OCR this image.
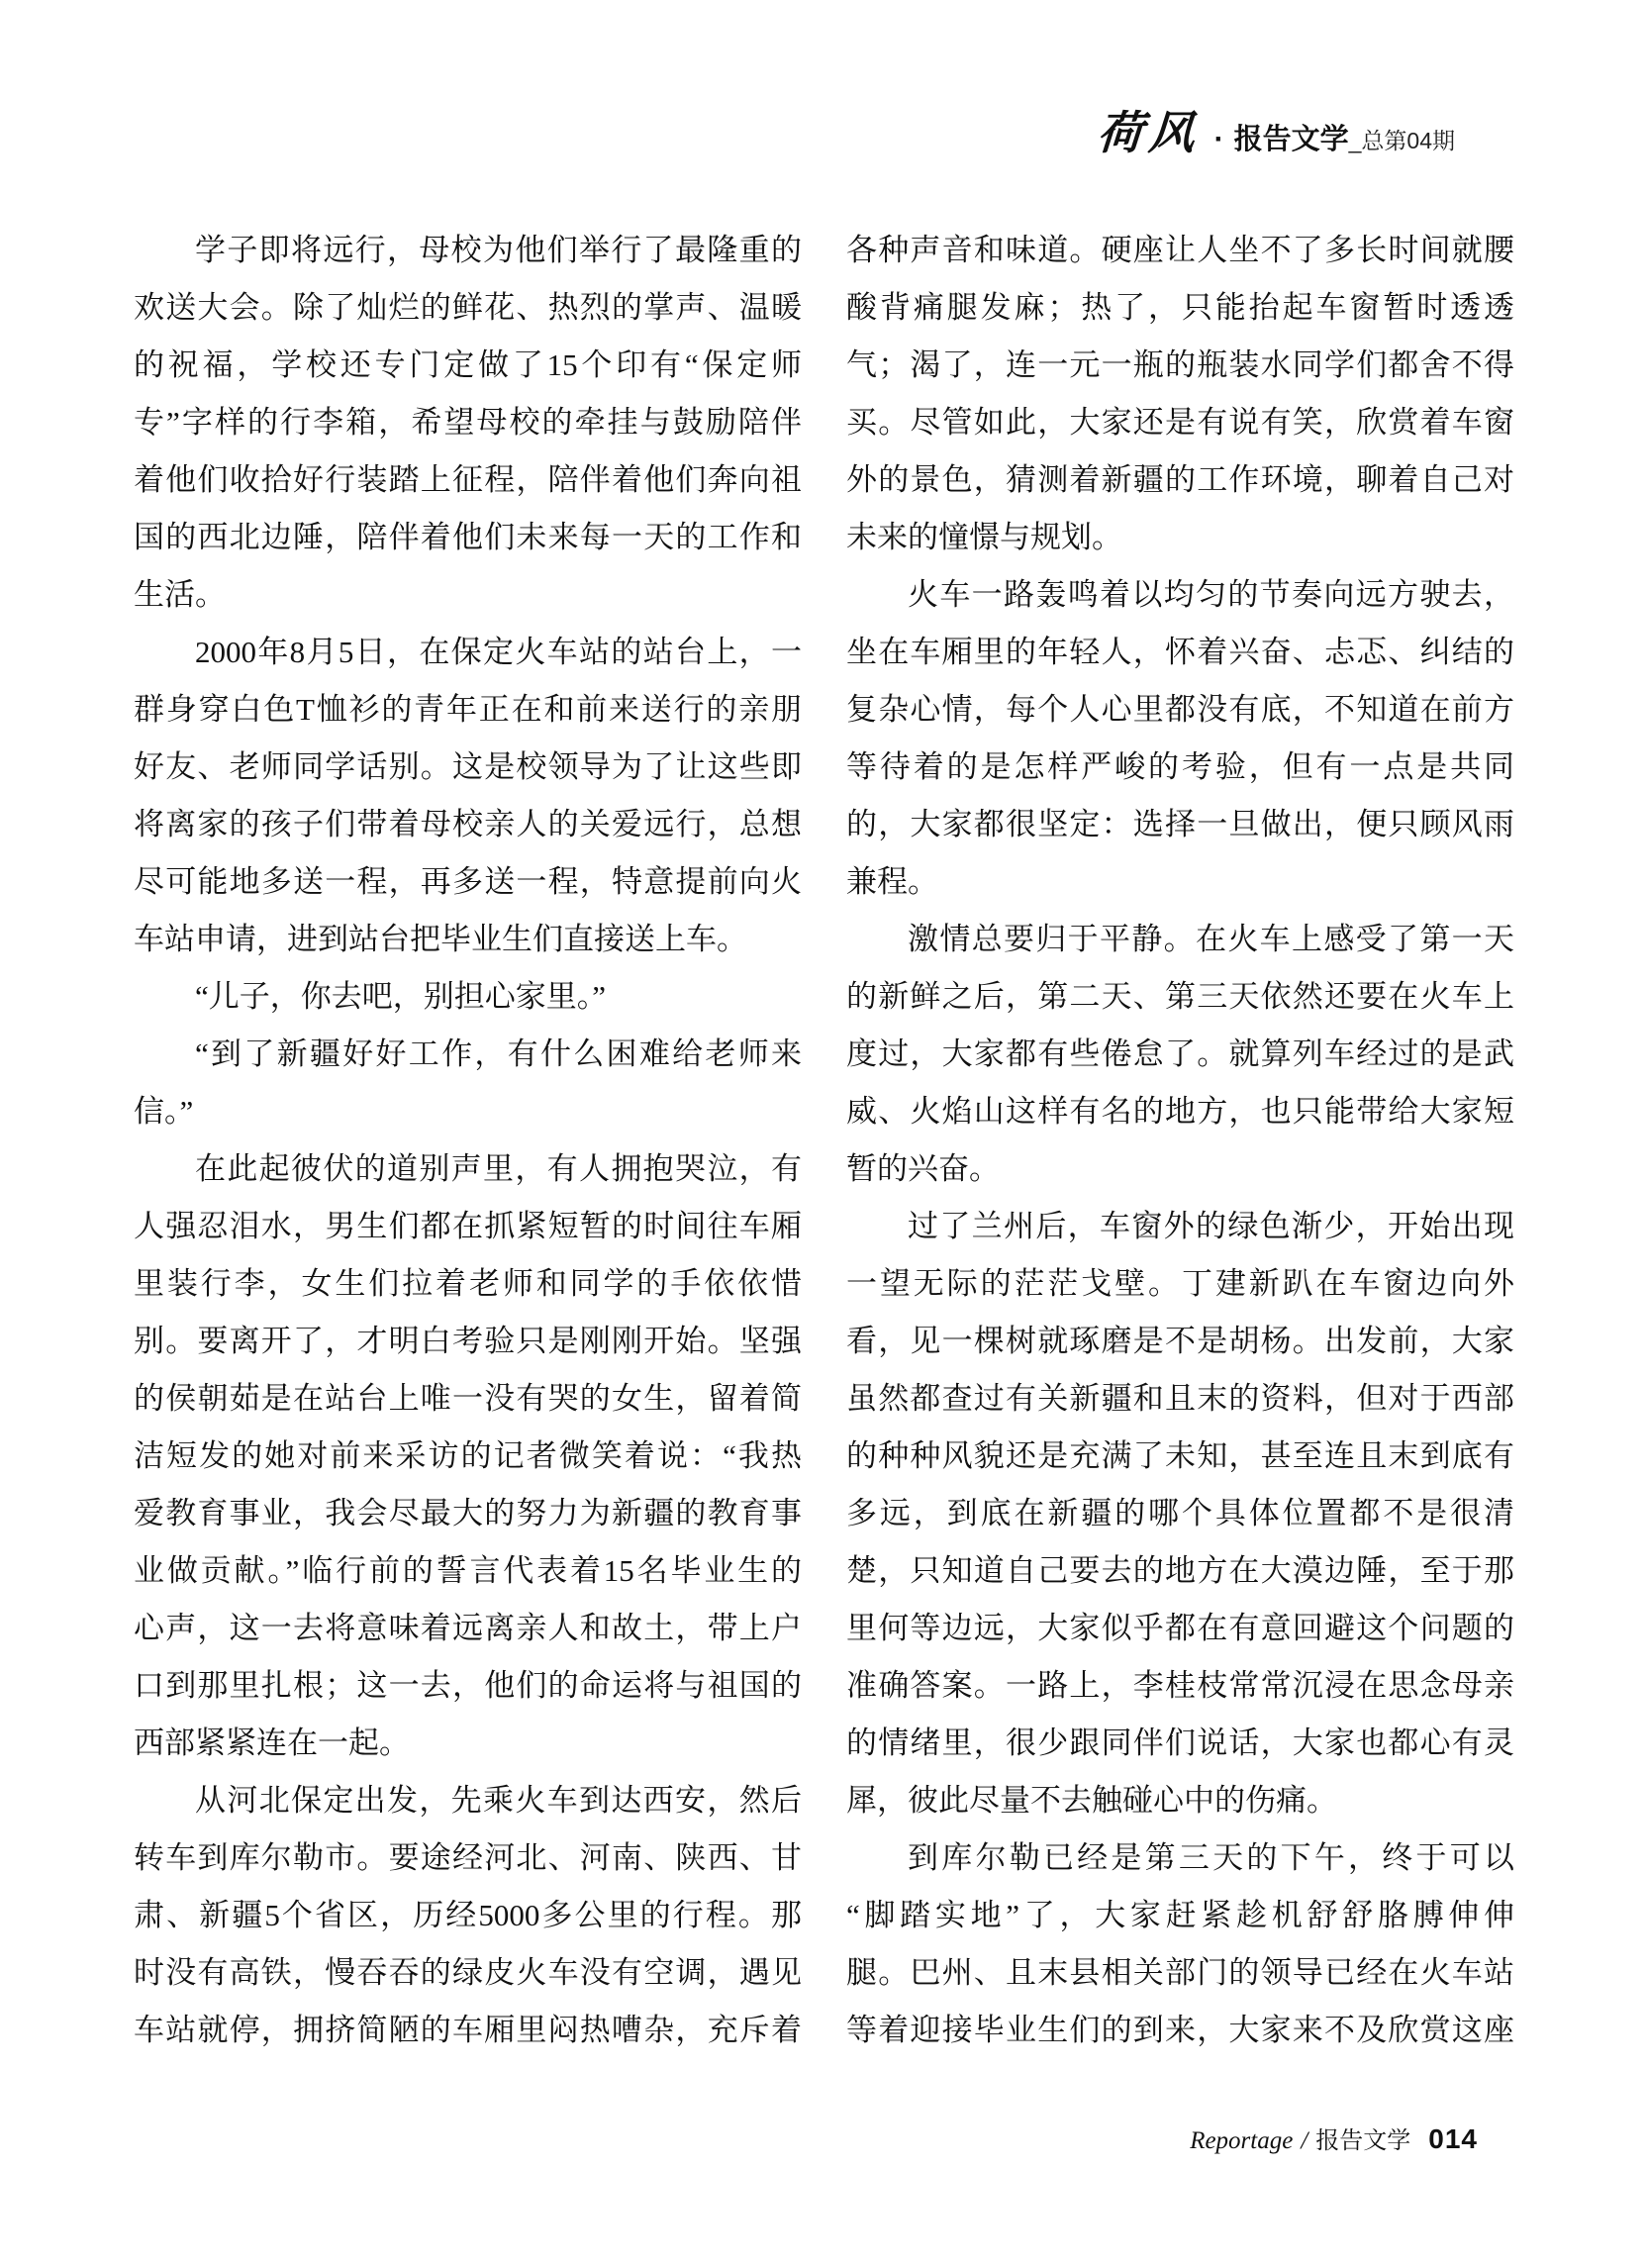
荷风 · 报告文学 _总第04期
学子即将远行，母校为他们举行了最隆重的
欢送大会。除了灿烂的鲜花、热烈的掌声、温暖
的祝福，学校还专门定做了15个印有“保定师
专”字样的行李箱，希望母校的牵挂与鼓励陪伴
着他们收拾好行装踏上征程，陪伴着他们奔向祖
国的西北边陲，陪伴着他们未来每一天的工作和
生活。
2000年8月5日，在保定火车站的站台上，一
群身穿白色T恤衫的青年正在和前来送行的亲朋
好友、老师同学话别。这是校领导为了让这些即
将离家的孩子们带着母校亲人的关爱远行，总想
尽可能地多送一程，再多送一程，特意提前向火
车站申请，进到站台把毕业生们直接送上车。
“儿子，你去吧，别担心家里。”
“到了新疆好好工作，有什么困难给老师来
信。”
在此起彼伏的道别声里，有人拥抱哭泣，有
人强忍泪水，男生们都在抓紧短暂的时间往车厢
里装行李，女生们拉着老师和同学的手依依惜
别。要离开了，才明白考验只是刚刚开始。坚强
的侯朝茹是在站台上唯一没有哭的女生，留着简
洁短发的她对前来采访的记者微笑着说：“我热
爱教育事业，我会尽最大的努力为新疆的教育事
业做贡献。”临行前的誓言代表着15名毕业生的
心声，这一去将意味着远离亲人和故土，带上户
口到那里扎根；这一去，他们的命运将与祖国的
西部紧紧连在一起。
从河北保定出发，先乘火车到达西安，然后
转车到库尔勒市。要途经河北、河南、陕西、甘
肃、新疆5个省区，历经5000多公里的行程。那
时没有高铁，慢吞吞的绿皮火车没有空调，遇见
车站就停，拥挤简陋的车厢里闷热嘈杂，充斥着
各种声音和味道。硬座让人坐不了多长时间就腰
酸背痛腿发麻；热了，只能抬起车窗暂时透透
气；渴了，连一元一瓶的瓶装水同学们都舍不得
买。尽管如此，大家还是有说有笑，欣赏着车窗
外的景色，猜测着新疆的工作环境，聊着自己对
未来的憧憬与规划。
火车一路轰鸣着以均匀的节奏向远方驶去，
坐在车厢里的年轻人，怀着兴奋、忐忑、纠结的
复杂心情，每个人心里都没有底，不知道在前方
等待着的是怎样严峻的考验，但有一点是共同
的，大家都很坚定：选择一旦做出，便只顾风雨
兼程。
激情总要归于平静。在火车上感受了第一天
的新鲜之后，第二天、第三天依然还要在火车上
度过，大家都有些倦怠了。就算列车经过的是武
威、火焰山这样有名的地方，也只能带给大家短
暂的兴奋。
过了兰州后，车窗外的绿色渐少，开始出现
一望无际的茫茫戈壁。丁建新趴在车窗边向外
看，见一棵树就琢磨是不是胡杨。出发前，大家
虽然都查过有关新疆和且末的资料，但对于西部
的种种风貌还是充满了未知，甚至连且末到底有
多远，到底在新疆的哪个具体位置都不是很清
楚，只知道自己要去的地方在大漠边陲，至于那
里何等边远，大家似乎都在有意回避这个问题的
准确答案。一路上，李桂枝常常沉浸在思念母亲
的情绪里，很少跟同伴们说话，大家也都心有灵
犀，彼此尽量不去触碰心中的伤痛。
到库尔勒已经是第三天的下午，终于可以
“脚踏实地”了，大家赶紧趁机舒舒胳膊伸伸
腿。巴州、且末县相关部门的领导已经在火车站
等着迎接毕业生们的到来，大家来不及欣赏这座
Reportage / 报告文学 014
